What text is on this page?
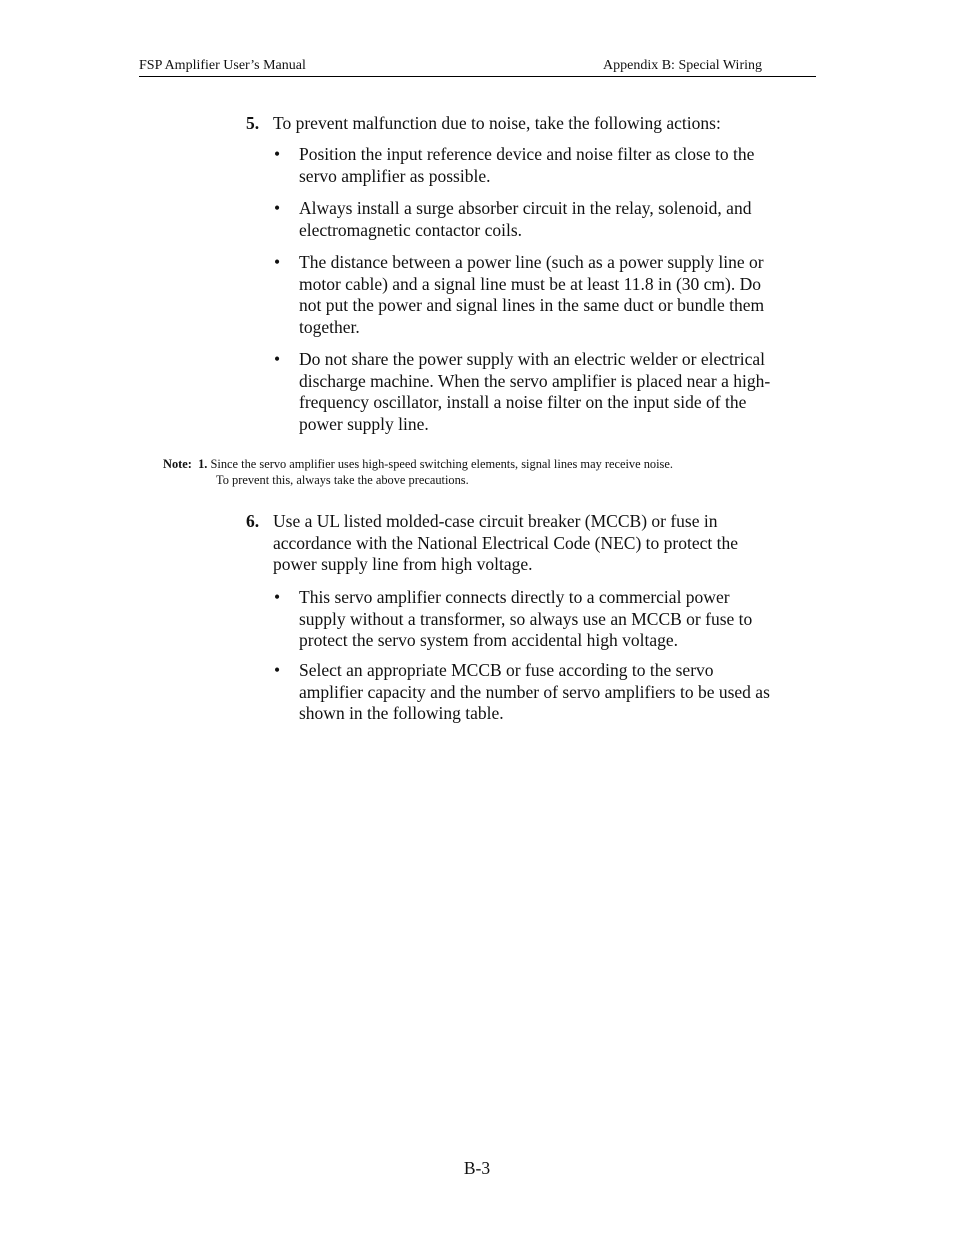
FSP Amplifier User’s Manual	Appendix B: Special Wiring
5. To prevent malfunction due to noise, take the following actions:
•	Position the input reference device and noise filter as close to the
servo amplifier as possible.
•	Always install a surge absorber circuit in the relay, solenoid, and
electromagnetic contactor coils.
•	The distance between a power line (such as a power supply line or
motor cable) and a signal line must be at least 11.8 in (30 cm). Do
not put the power and signal lines in the same duct or bundle them
together.
•	Do not share the power supply with an electric welder or electrical
discharge machine. When the servo amplifier is placed near a high-
frequency oscillator, install a noise filter on the input side of the
power supply line.
Note: 1. Since the servo amplifier uses high-speed switching elements, signal lines may receive noise.
To prevent this, always take the above precautions.
6. Use a UL listed molded-case circuit breaker (MCCB) or fuse in
accordance with the National Electrical Code (NEC) to protect the
power supply line from high voltage.
•	This servo amplifier connects directly to a commercial power
supply without a transformer, so always use an MCCB or fuse to
protect the servo system from accidental high voltage.
•	Select an appropriate MCCB or fuse according to the servo
amplifier capacity and the number of servo amplifiers to be used as
shown in the following table.
B-3
